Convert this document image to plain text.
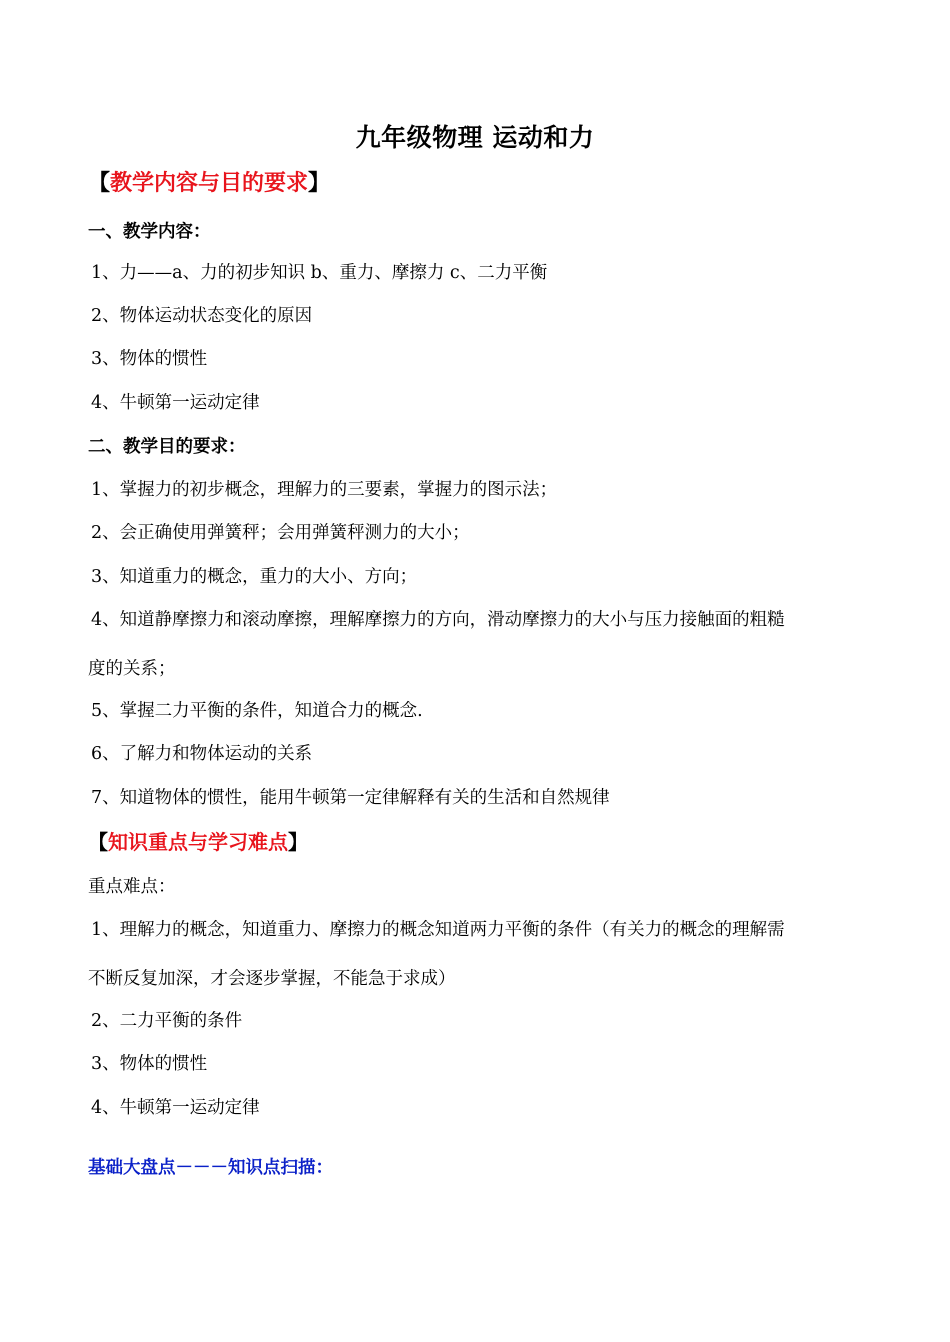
九年级物理 运动和力
【教学内容与目的要求】
一、教学内容：
1、力——a、力的初步知识 b、重力、摩擦力 c、二力平衡
2、物体运动状态变化的原因
3、物体的惯性
4、牛顿第一运动定律
二、教学目的要求：
1、掌握力的初步概念，理解力的三要素，掌握力的图示法；
2、会正确使用弹簧秤；会用弹簧秤测力的大小；
3、知道重力的概念，重力的大小、方向；
4、知道静摩擦力和滚动摩擦，理解摩擦力的方向，滑动摩擦力的大小与压力接触面的粗糙
度的关系；
5、掌握二力平衡的条件，知道合力的概念.
6、了解力和物体运动的关系
7、知道物体的惯性，能用牛顿第一定律解释有关的生活和自然规律
【知识重点与学习难点】
重点难点：
1、理解力的概念，知道重力、摩擦力的概念知道两力平衡的条件（有关力的概念的理解需
不断反复加深，才会逐步掌握，不能急于求成）
2、二力平衡的条件
3、物体的惯性
4、牛顿第一运动定律
基础大盘点－－－知识点扫描：
